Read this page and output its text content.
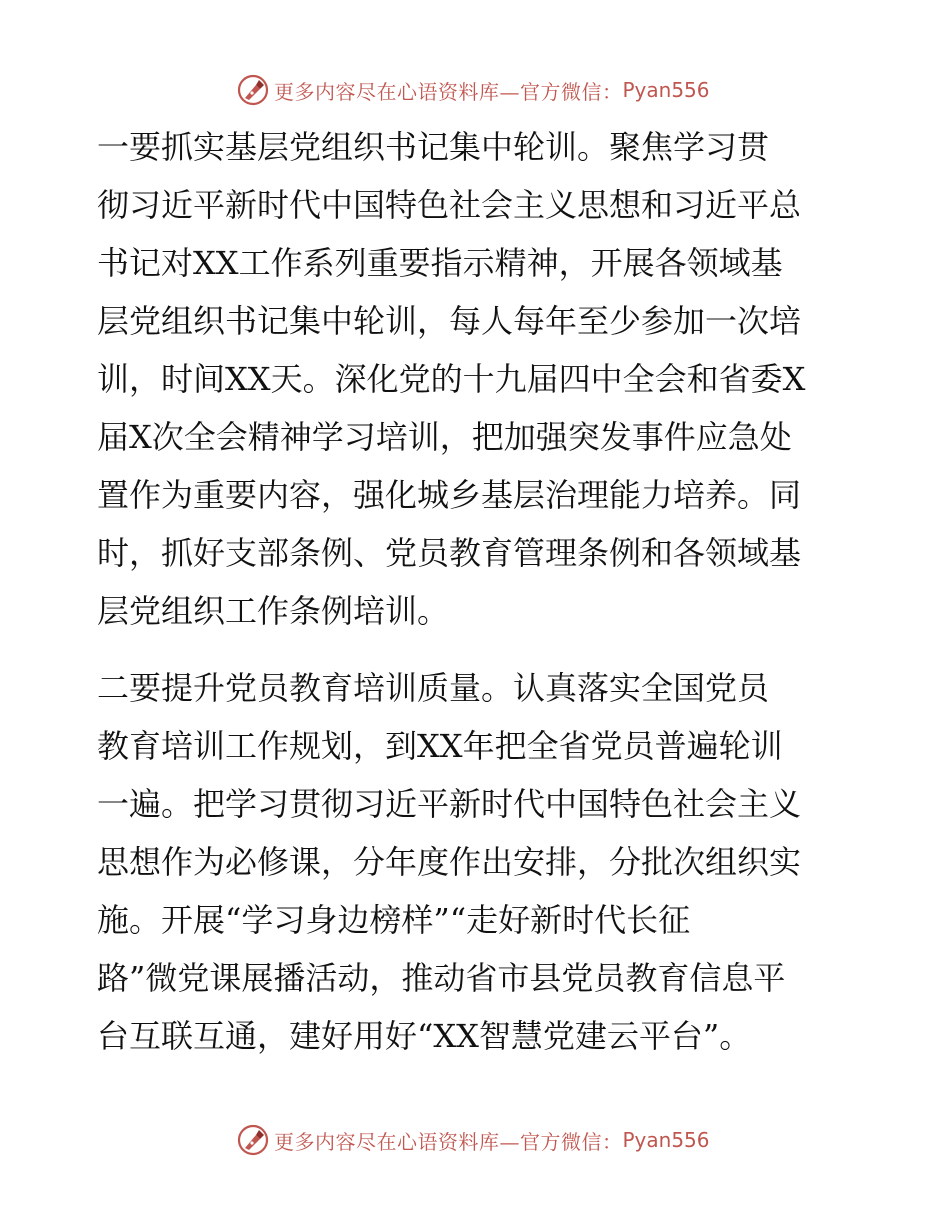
更多内容尽在心语资料库—官方微信： Pyan556
一要抓实基层党组织书记集中轮训。聚焦学习贯
彻习近平新时代中国特色社会主义思想和习近平总
书记对XX工作系列重要指示精神，开展各领域基
层党组织书记集中轮训，每人每年至少参加一次培
训，时间XX天。深化党的十九届四中全会和省委X
届X次全会精神学习培训，把加强突发事件应急处
置作为重要内容，强化城乡基层治理能力培养。同
时，抓好支部条例、党员教育管理条例和各领域基
层党组织工作条例培训。
二要提升党员教育培训质量。认真落实全国党员
教育培训工作规划，到XX年把全省党员普遍轮训
一遍。把学习贯彻习近平新时代中国特色社会主义
思想作为必修课，分年度作出安排，分批次组织实
施。开展“学习身边榜样”“走好新时代长征
路”微党课展播活动，推动省市县党员教育信息平
台互联互通，建好用好“XX智慧党建云平台”。
更多内容尽在心语资料库—官方微信： Pyan556
